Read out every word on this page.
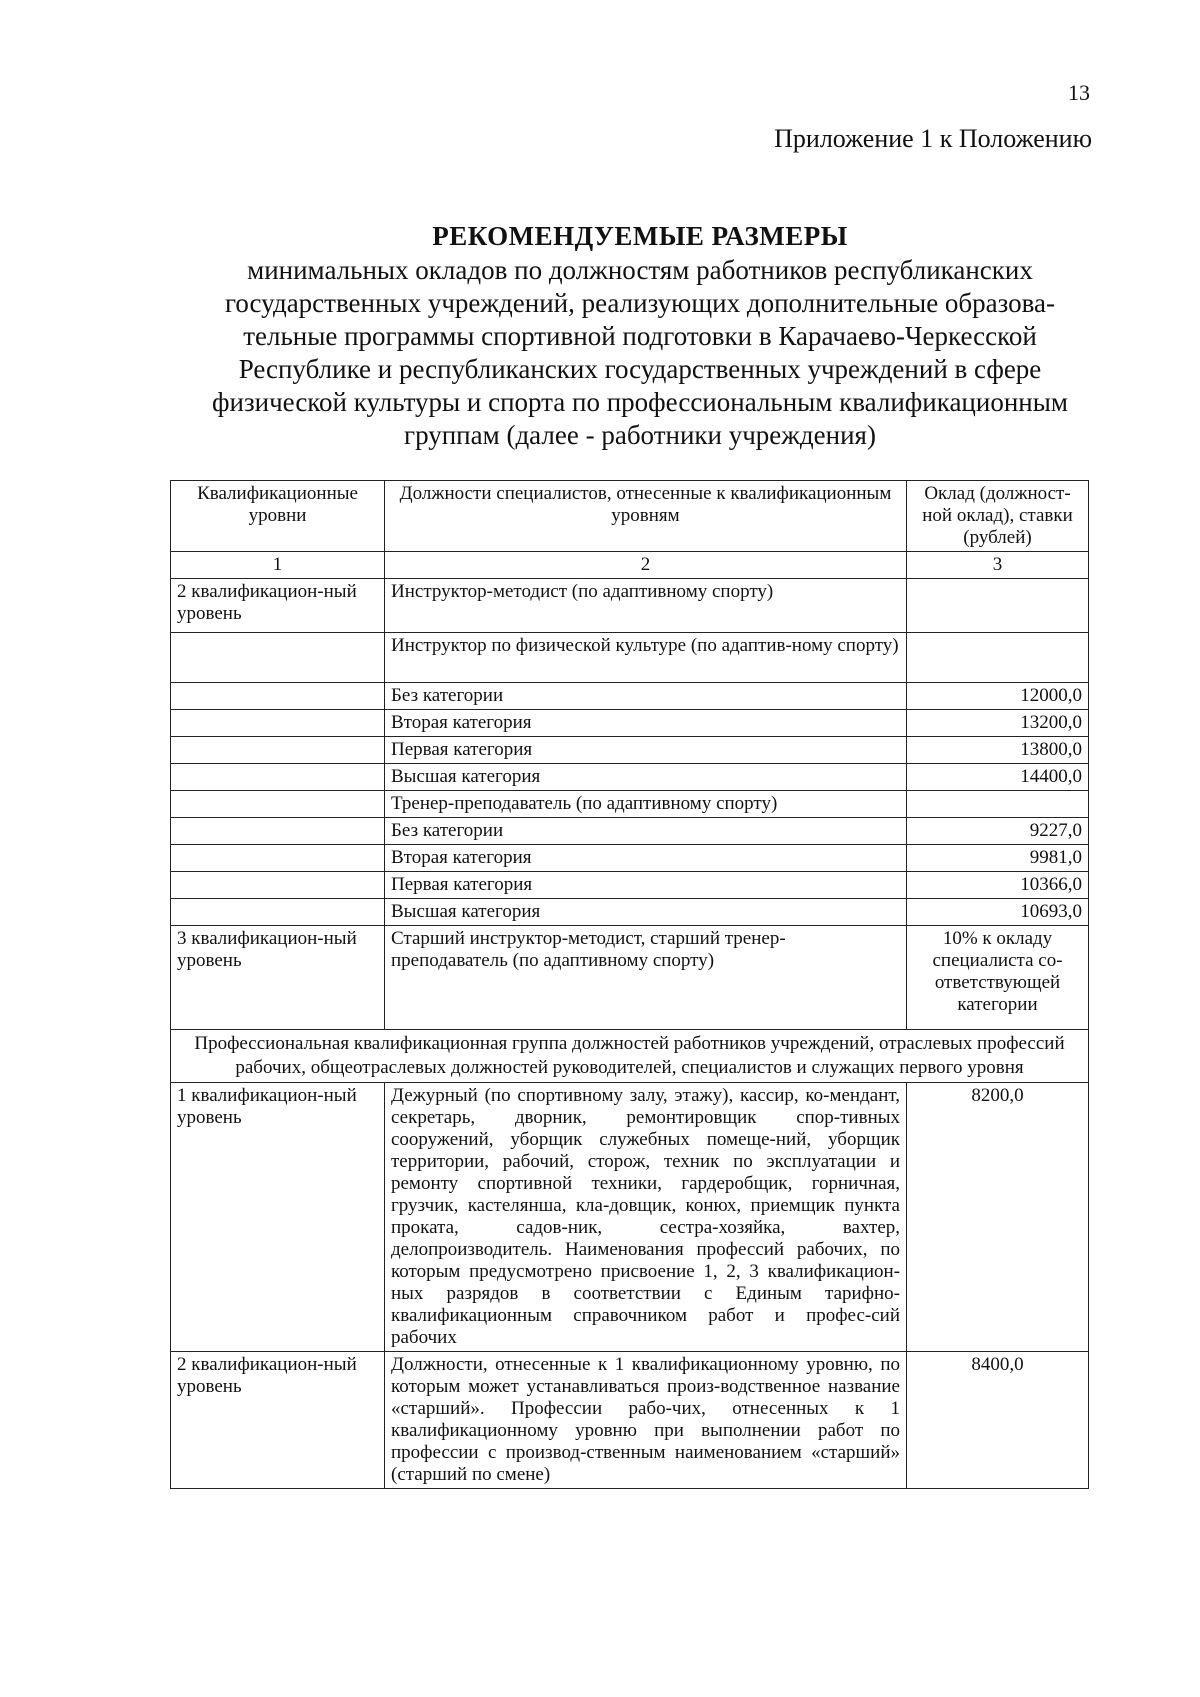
13
Приложение 1 к Положению
РЕКОМЕНДУЕМЫЕ РАЗМЕРЫ
минимальных окладов по должностям работников республиканских государственных учреждений, реализующих дополнительные образова-тельные программы спортивной подготовки в Карачаево-Черкесской Республике и республиканских государственных учреждений в сфере физической культуры и спорта по профессиональным квалификационным группам (далее - работники учреждения)
Квалификационные уровни	Должности специалистов, отнесенные к квалификационным уровням	Оклад (должност-ной оклад), ставки (рублей)
1	2	3
2 квалификацион-ный уровень	Инструктор-методист (по адаптивному спорту)	
	Инструктор по физической культуре (по адаптив-ному спорту)	
	Без категории	12000,0
	Вторая категория	13200,0
	Первая категория	13800,0
	Высшая категория	14400,0
	Тренер-преподаватель (по адаптивному спорту)	
	Без категории	9227,0
	Вторая категория	9981,0
	Первая категория	10366,0
	Высшая категория	10693,0
3 квалификацион-ный уровень	Старший инструктор-методист, старший тренер-преподаватель (по адаптивному спорту)	10% к окладу специалиста со-ответствующей категории
Профессиональная квалификационная группа должностей работников учреждений, отраслевых профессий рабочих, общеотраслевых должностей руководителей, специалистов и служащих первого уровня		
1 квалификацион-ный уровень	Дежурный (по спортивному залу, этажу), кассир, ко-мендант, секретарь, дворник, ремонтировщик спор-тивных сооружений, уборщик служебных помеще-ний, уборщик территории, рабочий, сторож, техник по эксплуатации и ремонту спортивной техники, гардеробщик, горничная, грузчик, кастелянша, кла-довщик, конюх, приемщик пункта проката, садов-ник, сестра-хозяйка, вахтер, делопроизводитель. Наименования профессий рабочих, по которым предусмотрено присвоение 1, 2, 3 квалификацион-ных разрядов в соответствии с Единым тарифно-квалификационным справочником работ и профес-сий рабочих	8200,0
2 квалификацион-ный уровень	Должности, отнесенные к 1 квалификационному уровню, по которым может устанавливаться произ-водственное название «старший». Профессии рабо-чих, отнесенных к 1 квалификационному уровню при выполнении работ по профессии с производ-ственным наименованием «старший» (старший по смене)	8400,0
